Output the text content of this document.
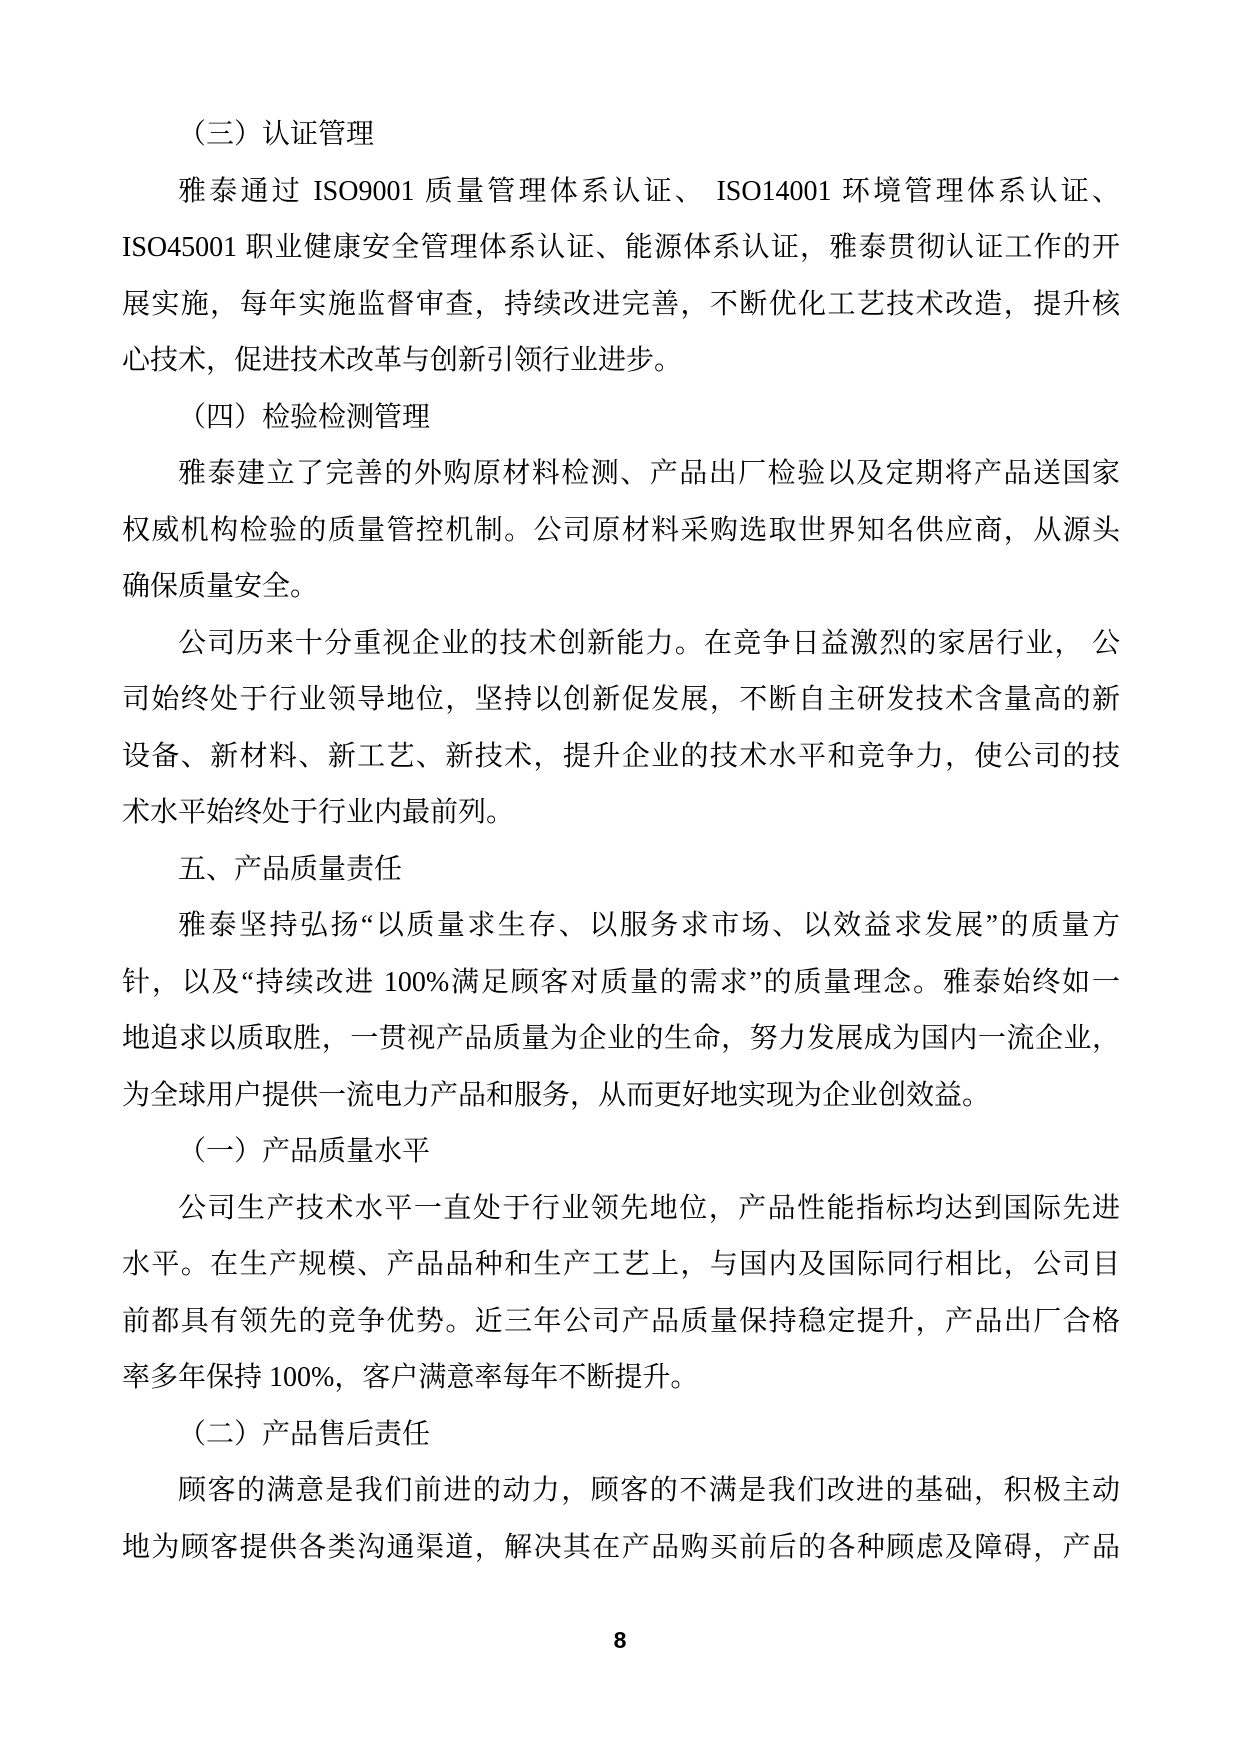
（三）认证管理
雅泰通过 ISO9001 质量管理体系认证、 ISO14001 环境管理体系认证、
ISO45001 职业健康安全管理体系认证、能源体系认证，雅泰贯彻认证工作的开
展实施，每年实施监督审查，持续改进完善，不断优化工艺技术改造，提升核
心技术，促进技术改革与创新引领行业进步。
（四）检验检测管理
雅泰建立了完善的外购原材料检测、产品出厂检验以及定期将产品送国家
权威机构检验的质量管控机制。公司原材料采购选取世界知名供应商，从源头
确保质量安全。
公司历来十分重视企业的技术创新能力。在竞争日益激烈的家居行业， 公
司始终处于行业领导地位，坚持以创新促发展，不断自主研发技术含量高的新
设备、新材料、新工艺、新技术，提升企业的技术水平和竞争力，使公司的技
术水平始终处于行业内最前列。
五、产品质量责任
雅泰坚持弘扬“以质量求生存、以服务求市场、以效益求发展”的质量方
针，以及“持续改进 100%满足顾客对质量的需求”的质量理念。雅泰始终如一
地追求以质取胜，一贯视产品质量为企业的生命，努力发展成为国内一流企业，
为全球用户提供一流电力产品和服务，从而更好地实现为企业创效益。
（一）产品质量水平
公司生产技术水平一直处于行业领先地位，产品性能指标均达到国际先进
水平。在生产规模、产品品种和生产工艺上，与国内及国际同行相比，公司目
前都具有领先的竞争优势。近三年公司产品质量保持稳定提升，产品出厂合格
率多年保持 100%，客户满意率每年不断提升。
（二）产品售后责任
顾客的满意是我们前进的动力，顾客的不满是我们改进的基础，积极主动
地为顾客提供各类沟通渠道，解决其在产品购买前后的各种顾虑及障碍，产品
8
